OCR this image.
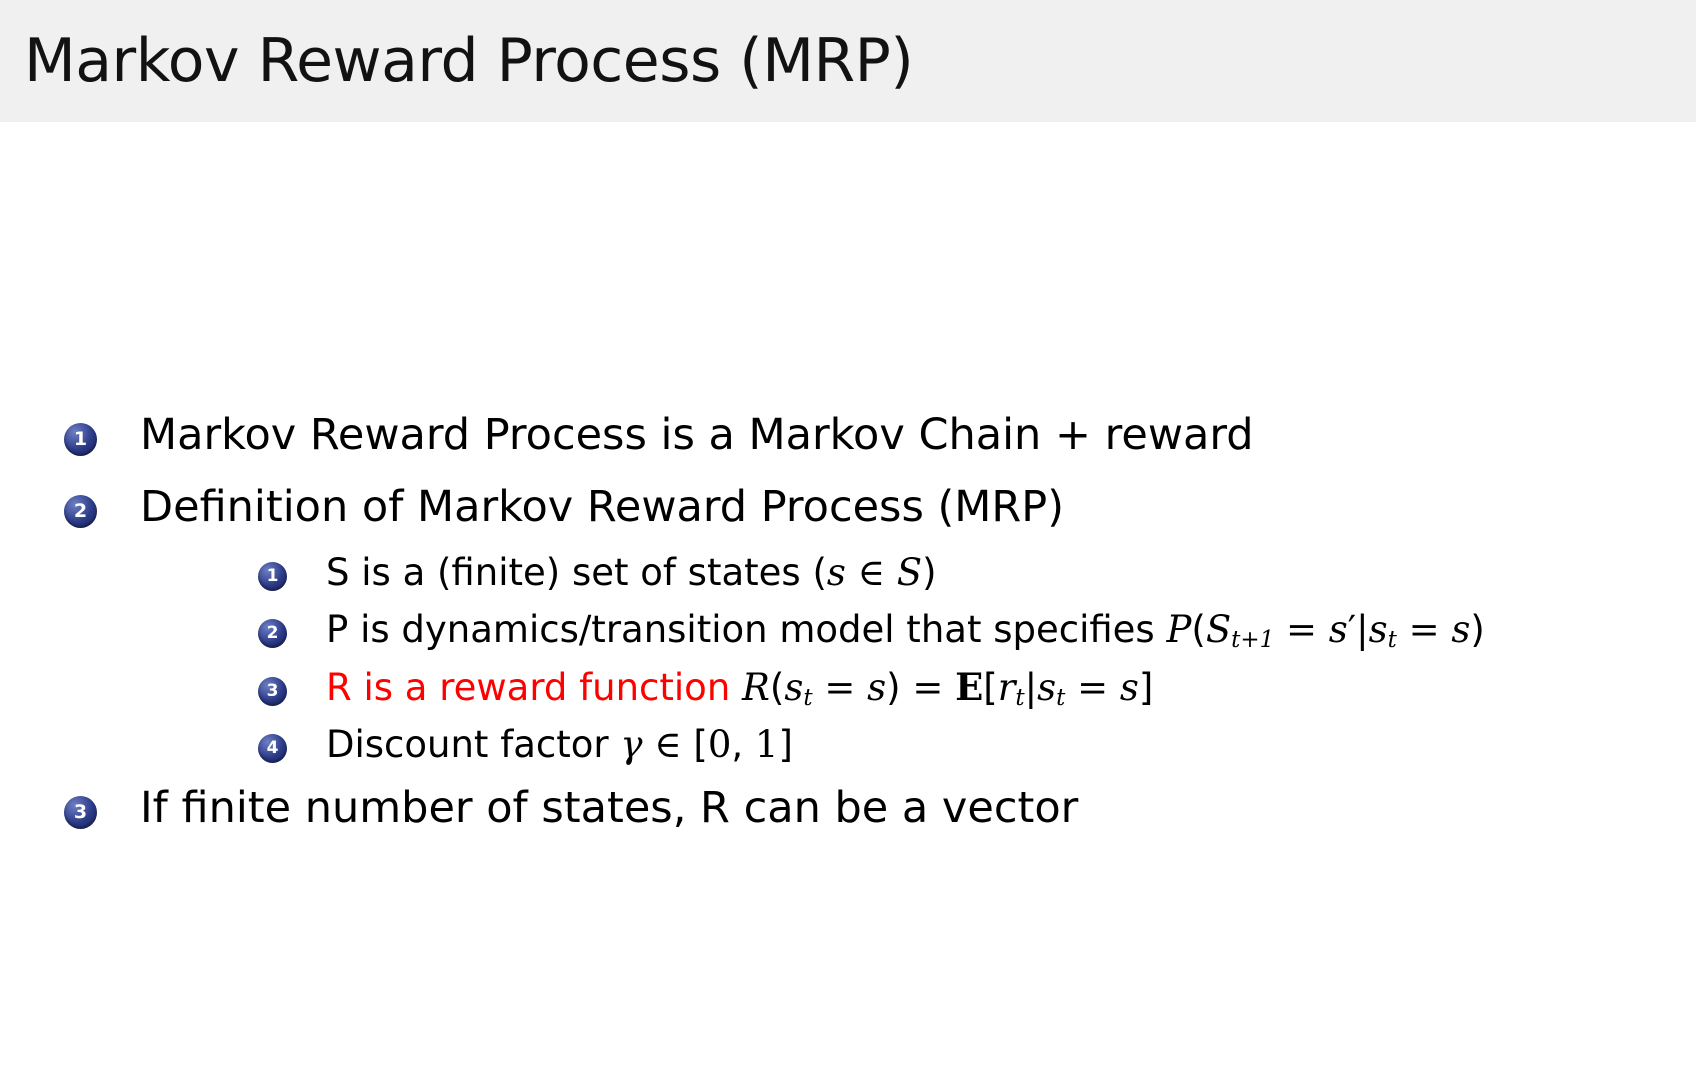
Markov Reward Process (MRP)
1 Markov Reward Process is a Markov Chain + reward
2 Definition of Markov Reward Process (MRP)
1 S is a (finite) set of states (s ∈ S)
2 P is dynamics/transition model that specifies $P(S_{t+1} = s'|s_t = s)$
3 R is a reward function $R(s_t = s) = E[r_t|s_t = s]$
4 Discount factor γ ∈ [0, 1]
3 If finite number of states, R can be a vector
